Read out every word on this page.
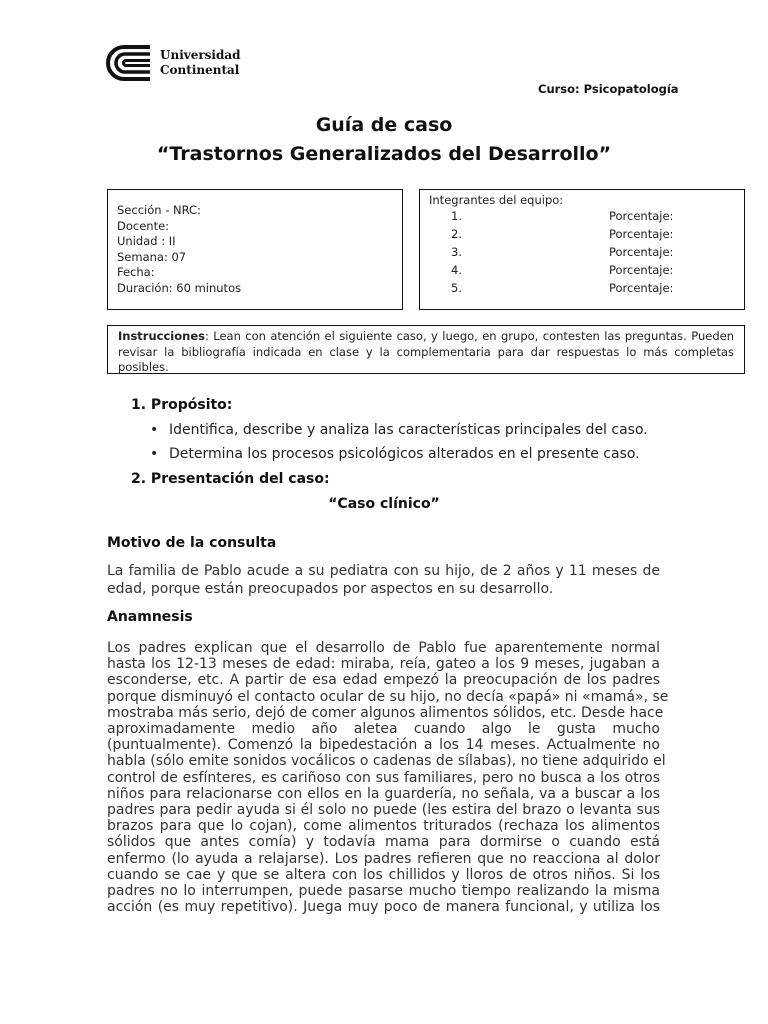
Universidad
Continental
Curso: Psicopatología
Guía de caso
“Trastornos Generalizados del Desarrollo”
Sección - NRC:
Docente:
Unidad : II
Semana: 07
Fecha:
Duración: 60 minutos
Integrantes del equipo:
1.	Porcentaje:
2.	Porcentaje:
3.	Porcentaje:
4.	Porcentaje:
5.	Porcentaje:
Instrucciones: Lean con atención el siguiente caso, y luego, en grupo, contesten las preguntas. Pueden revisar la bibliografía indicada en clase y la complementaria para dar respuestas lo más completas posibles.
1. Propósito:
• Identifica, describe y analiza las características principales del caso.
• Determina los procesos psicológicos alterados en el presente caso.
2. Presentación del caso:
“Caso clínico”
Motivo de la consulta
La familia de Pablo acude a su pediatra con su hijo, de 2 años y 11 meses de
edad, porque están preocupados por aspectos en su desarrollo.
Anamnesis
Los padres explican que el desarrollo de Pablo fue aparentemente normal
hasta los 12-13 meses de edad: miraba, reía, gateo a los 9 meses, jugaban a
esconderse, etc. A partir de esa edad empezó la preocupación de los padres
porque disminuyó el contacto ocular de su hijo, no decía «papá» ni «mamá», se
mostraba más serio, dejó de comer algunos alimentos sólidos, etc. Desde hace
aproximadamente medio año aletea cuando algo le gusta mucho
(puntualmente). Comenzó la bipedestación a los 14 meses. Actualmente no
habla (sólo emite sonidos vocálicos o cadenas de sílabas), no tiene adquirido el
control de esfínteres, es cariñoso con sus familiares, pero no busca a los otros
niños para relacionarse con ellos en la guardería, no señala, va a buscar a los
padres para pedir ayuda si él solo no puede (les estira del brazo o levanta sus
brazos para que lo cojan), come alimentos triturados (rechaza los alimentos
sólidos que antes comía) y todavía mama para dormirse o cuando está
enfermo (lo ayuda a relajarse). Los padres refieren que no reacciona al dolor
cuando se cae y que se altera con los chillidos y lloros de otros niños. Si los
padres no lo interrumpen, puede pasarse mucho tiempo realizando la misma
acción (es muy repetitivo). Juega muy poco de manera funcional, y utiliza los
